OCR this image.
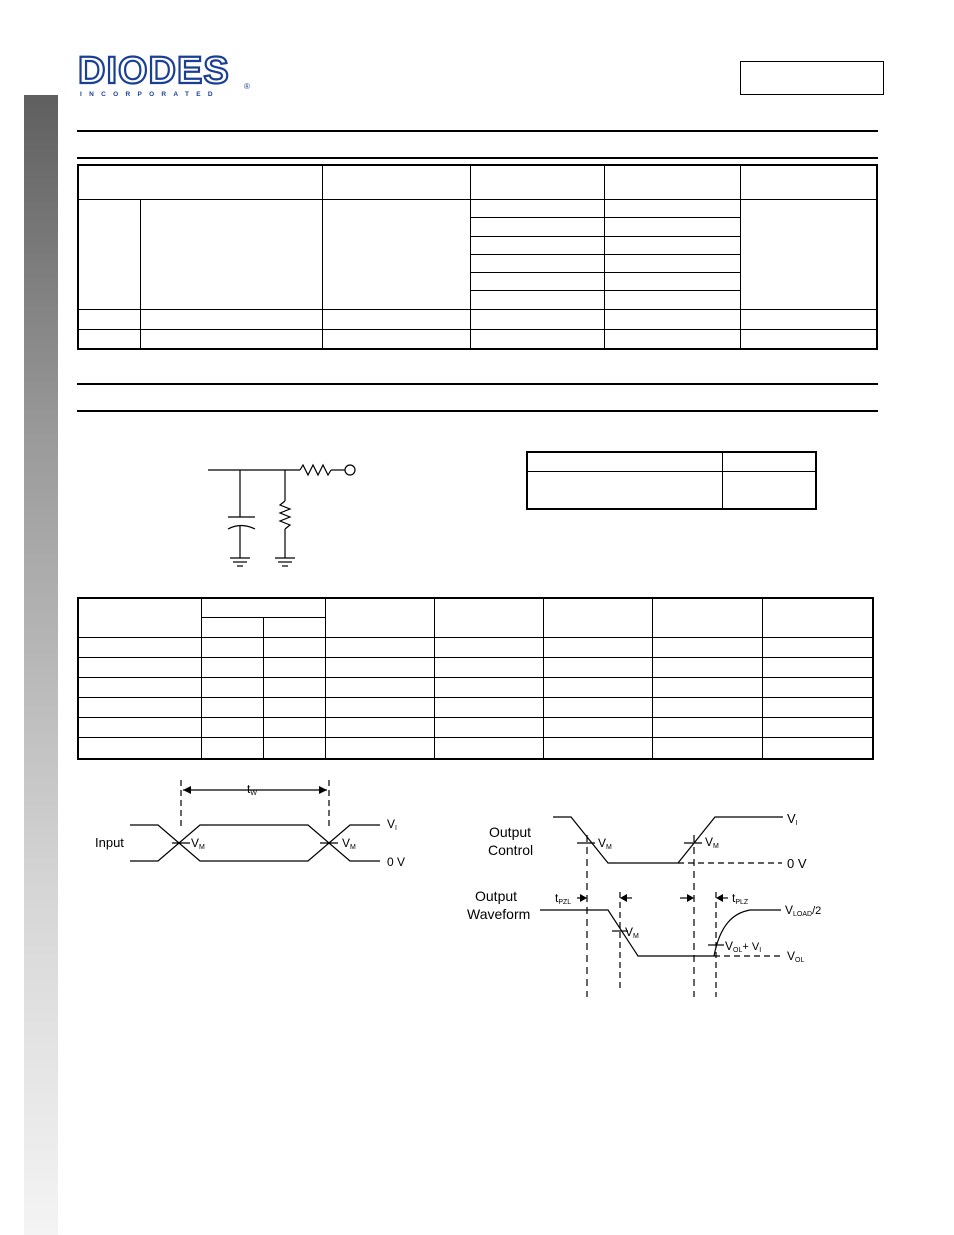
DIODES
INCORPORATED
®

tW
Input	VM	VM
VI
0 V
Output
Control
Output
Waveform
VM	VM
VI
0 V
tPZL	tPLZ
VM
VLOAD/2
VOL+ VI VOL
